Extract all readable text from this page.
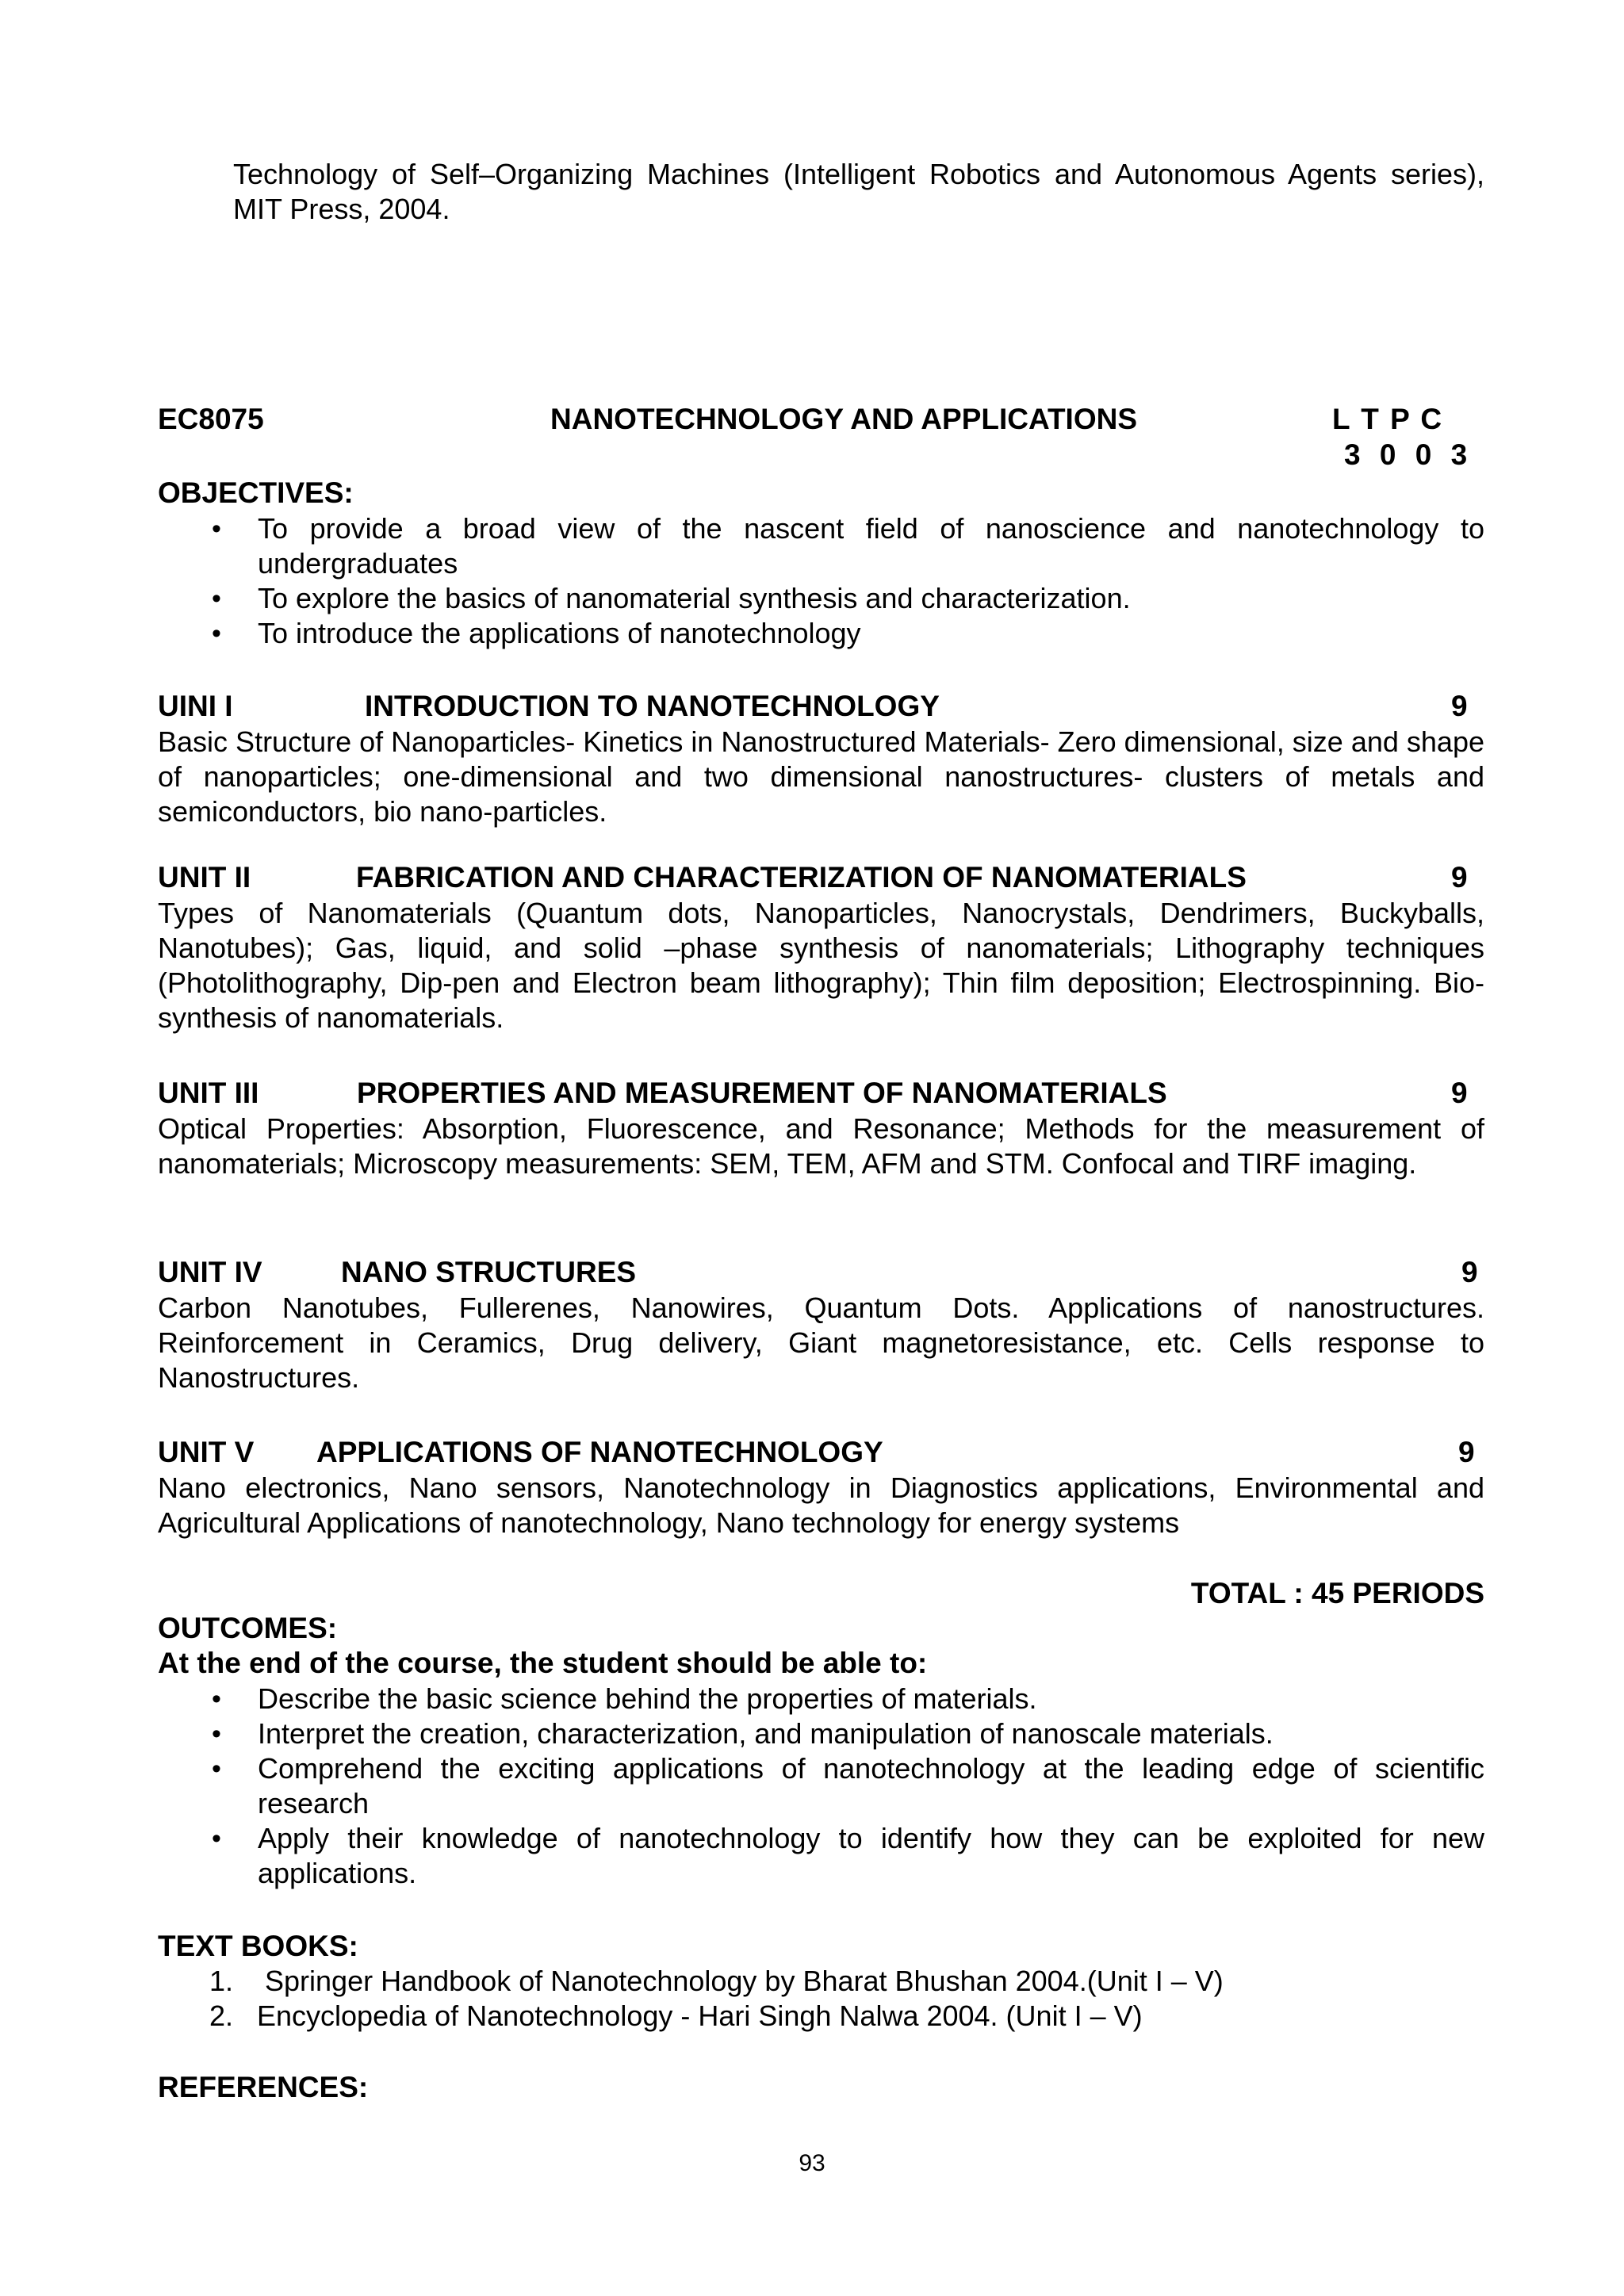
Technology of Self–Organizing Machines (Intelligent Robotics and Autonomous Agents series), MIT Press, 2004.
EC8075	NANOTECHNOLOGY AND APPLICATIONS	L T P C
3 0 0 3
OBJECTIVES:
• To provide a broad view of the nascent field of nanoscience and nanotechnology to undergraduates
• To explore the basics of nanomaterial synthesis and characterization.
• To introduce the applications of nanotechnology
UINI I	INTRODUCTION TO NANOTECHNOLOGY	9
Basic Structure of Nanoparticles- Kinetics in Nanostructured Materials- Zero dimensional, size and shape of nanoparticles; one-dimensional and two dimensional nanostructures- clusters of metals and semiconductors, bio nano-particles.
UNIT II	FABRICATION AND CHARACTERIZATION OF NANOMATERIALS	9
Types of Nanomaterials (Quantum dots, Nanoparticles, Nanocrystals, Dendrimers, Buckyballs, Nanotubes); Gas, liquid, and solid –phase synthesis of nanomaterials; Lithography techniques (Photolithography, Dip-pen and Electron beam lithography); Thin film deposition; Electrospinning. Bio-synthesis of nanomaterials.
UNIT III	PROPERTIES AND MEASUREMENT OF NANOMATERIALS	9
Optical Properties: Absorption, Fluorescence, and Resonance; Methods for the measurement of nanomaterials; Microscopy measurements: SEM, TEM, AFM and STM. Confocal and TIRF imaging.
UNIT IV	NANO STRUCTURES	9
Carbon Nanotubes, Fullerenes, Nanowires, Quantum Dots. Applications of nanostructures. Reinforcement in Ceramics, Drug delivery, Giant magnetoresistance, etc. Cells response to Nanostructures.
UNIT V APPLICATIONS OF NANOTECHNOLOGY	9
Nano electronics, Nano sensors, Nanotechnology in Diagnostics applications, Environmental and Agricultural Applications of nanotechnology, Nano technology for energy systems
TOTAL : 45 PERIODS
OUTCOMES:
At the end of the course, the student should be able to:
• Describe the basic science behind the properties of materials.
• Interpret the creation, characterization, and manipulation of nanoscale materials.
• Comprehend the exciting applications of nanotechnology at the leading edge of scientific research
• Apply their knowledge of nanotechnology to identify how they can be exploited for new applications.
TEXT BOOKS:
1. Springer Handbook of Nanotechnology by Bharat Bhushan 2004.(Unit I – V)
2. Encyclopedia of Nanotechnology - Hari Singh Nalwa 2004. (Unit I – V)
REFERENCES:
93
